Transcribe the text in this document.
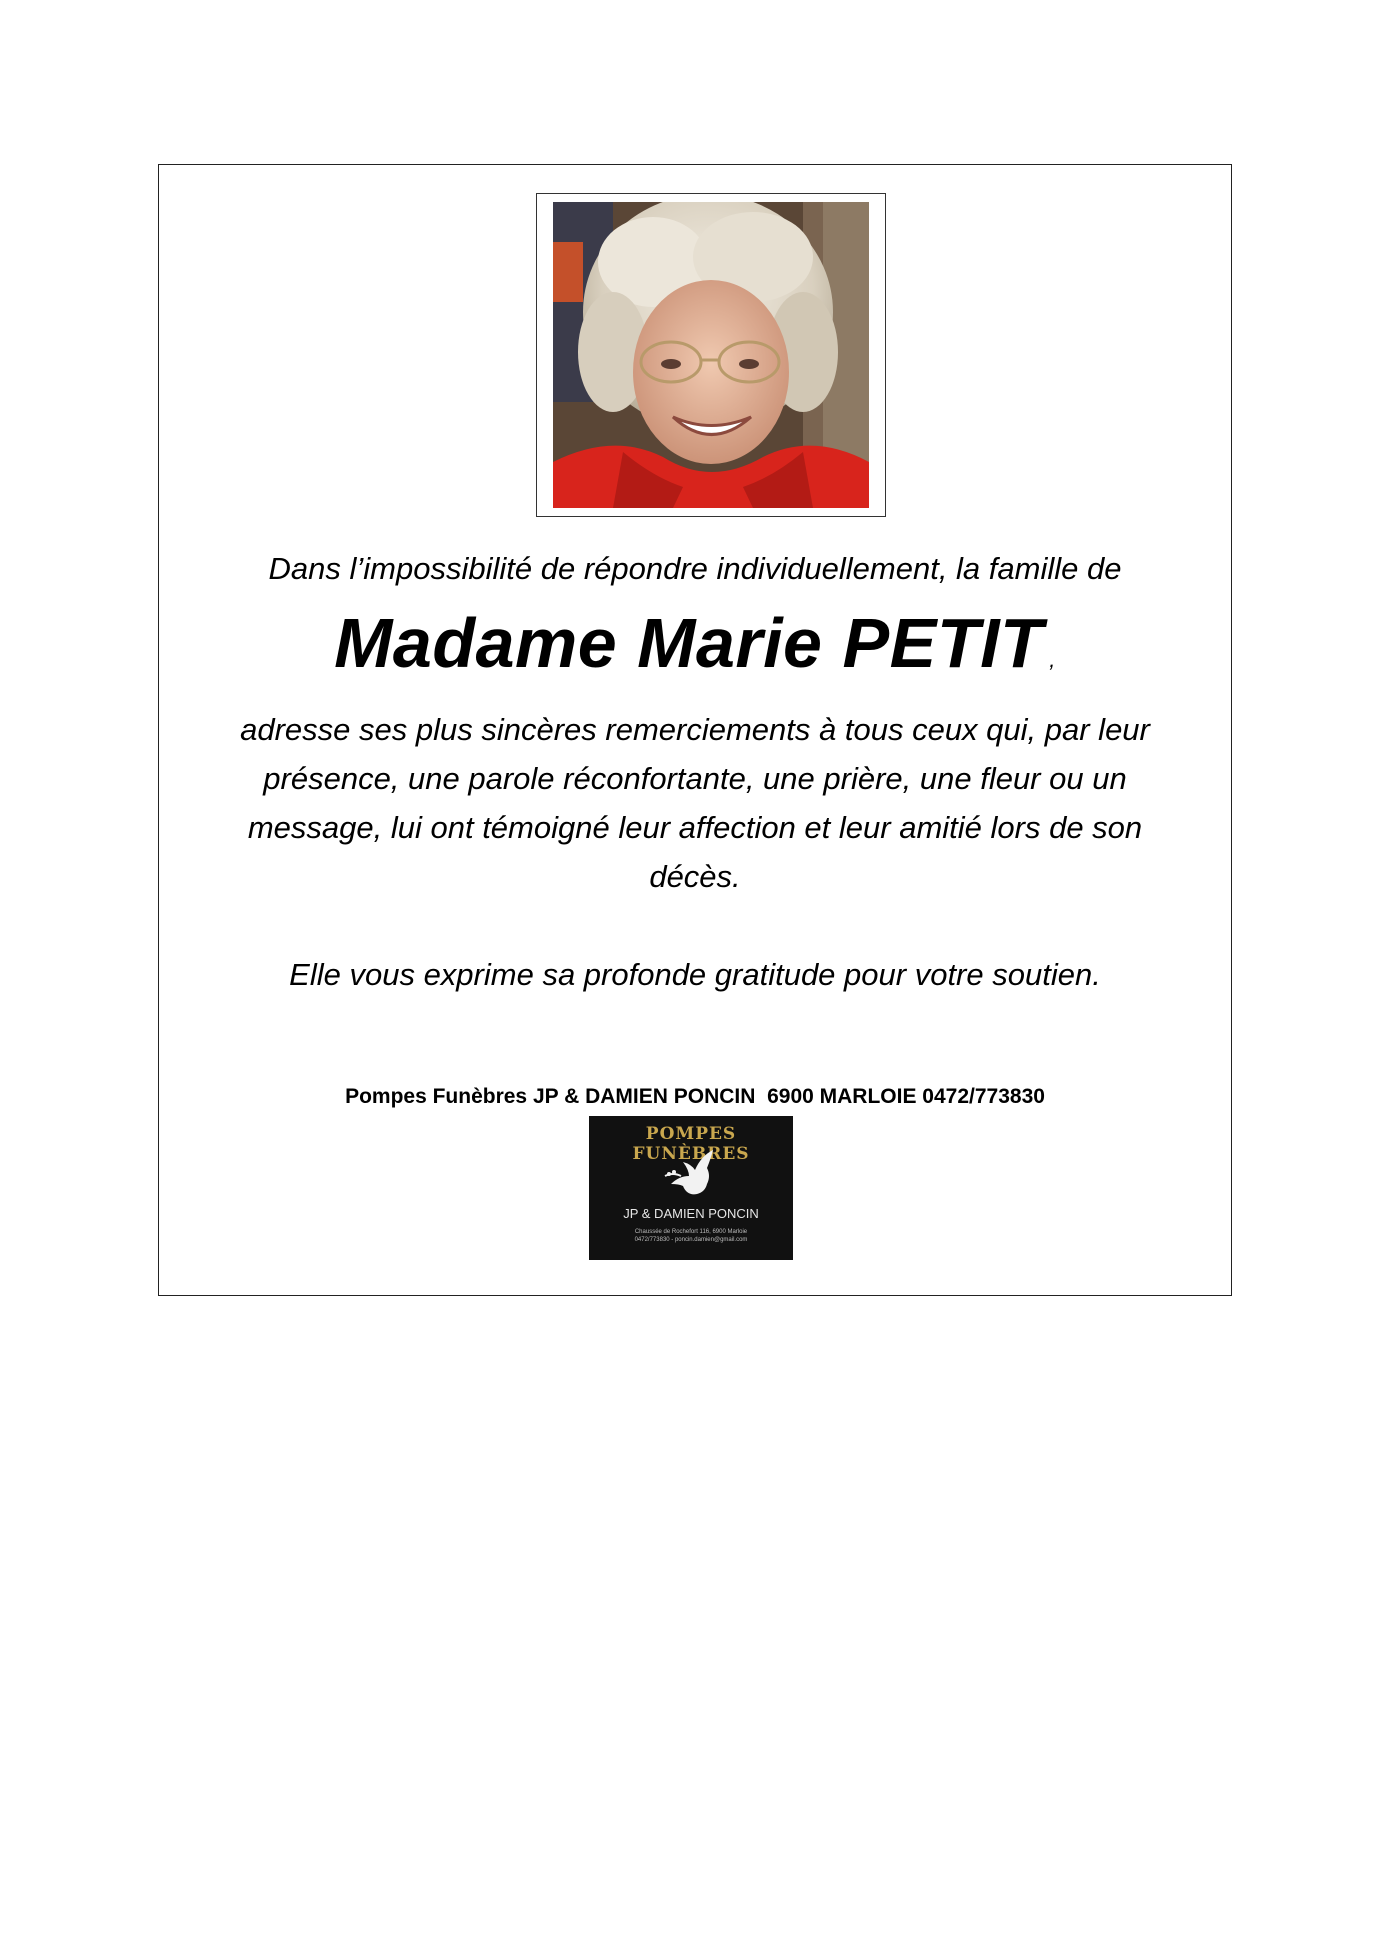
Dans l’impossibilité de répondre individuellement, la famille de
Madame Marie PETIT ,
adresse ses plus sincères remerciements à tous ceux qui, par leur
présence, une parole réconfortante, une prière, une fleur ou un
message, lui ont témoigné leur affection et leur amitié lors de son
décès.
Elle vous exprime sa profonde gratitude pour votre soutien.
Pompes Funèbres JP & DAMIEN PONCIN  6900 MARLOIE 0472/773830
POMPES FUNÈBRES
JP & DAMIEN PONCIN
Chaussée de Rochefort 116, 6900 Marloie
0472/773830 - poncin.damien@gmail.com
